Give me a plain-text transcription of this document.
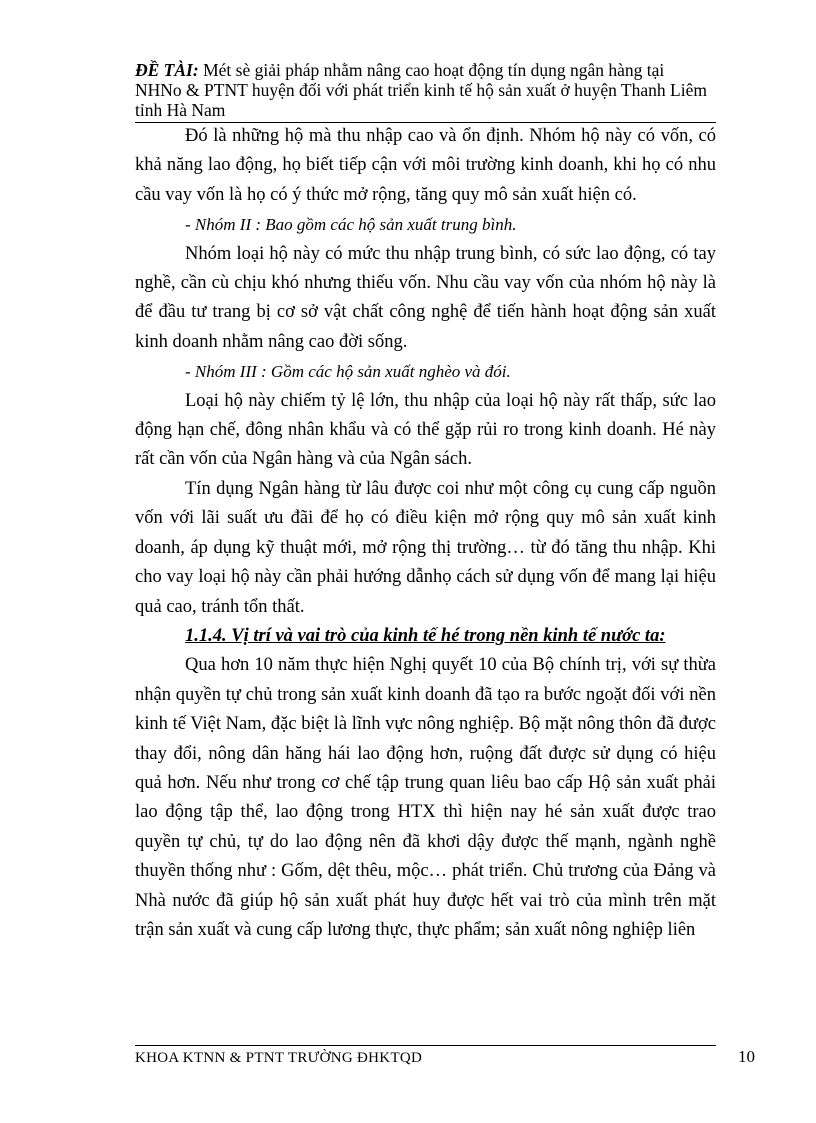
ĐỀ TÀI: Mét sè giải pháp nhằm nâng cao hoạt động tín dụng ngân hàng tại NHNo & PTNT huyện đối với phát triển kinh tế hộ sản xuất ở huyện Thanh Liêm tỉnh Hà Nam

Đó là những hộ mà thu nhập cao và ổn định. Nhóm hộ này có vốn, có khả năng lao động, họ biết tiếp cận với môi trường kinh doanh, khi họ có nhu cầu vay vốn là họ có ý thức mở rộng, tăng quy mô sản xuất hiện có.

- Nhóm II : Bao gồm các hộ sản xuất trung bình.

Nhóm loại hộ này có mức thu nhập trung bình, có sức lao động, có tay nghề, cần cù chịu khó nhưng thiếu vốn. Nhu cầu vay vốn của nhóm hộ này là để đầu tư trang bị cơ sở vật chất công nghệ để tiến hành hoạt động sản xuất kinh doanh nhằm nâng cao đời sống.

- Nhóm III : Gồm các hộ sản xuất nghèo và đói.

Loại hộ này chiếm tỷ lệ lớn, thu nhập của loại hộ này rất thấp, sức lao động hạn chế, đông nhân khẩu và có thể gặp rủi ro trong kinh doanh. Hé này rất cần vốn của Ngân hàng và của Ngân sách.

Tín dụng Ngân hàng từ lâu được coi như một công cụ cung cấp nguồn vốn với lãi suất ưu đãi để họ có điều kiện mở rộng quy mô sản xuất kinh doanh, áp dụng kỹ thuật mới, mở rộng thị trường… từ đó tăng thu nhập. Khi cho vay loại hộ này cần phải hướng dẫnhọ cách sử dụng vốn để mang lại hiệu quả cao, tránh tổn thất.

1.1.4. Vị trí và vai trò của kinh tế hé trong nền kinh tế nước ta:

Qua hơn 10 năm thực hiện Nghị quyết 10 của Bộ chính trị, với sự thừa nhận quyền tự chủ trong sản xuất kinh doanh đã tạo ra bước ngoặt đối với nền kinh tế Việt Nam, đặc biệt là lĩnh vực nông nghiệp. Bộ mặt nông thôn đã được thay đổi, nông dân hăng hái lao động hơn, ruộng đất được sử dụng có hiệu quả hơn. Nếu như trong cơ chế tập trung quan liêu bao cấp Hộ sản xuất phải lao động tập thể, lao động trong HTX thì hiện nay hé sản xuất được trao quyền tự chủ, tự do lao động nên đã khơi dậy được thế mạnh, ngành nghề thuyền thống như : Gốm, dệt thêu, mộc… phát triển. Chủ trương của Đảng và Nhà nước đã giúp hộ sản xuất phát huy được hết vai trò của mình trên mặt trận sản xuất và cung cấp lương thực, thực phẩm; sản xuất nông nghiệp liên

KHOA KTNN & PTNT TRƯỜNG ĐHKTQD	10
